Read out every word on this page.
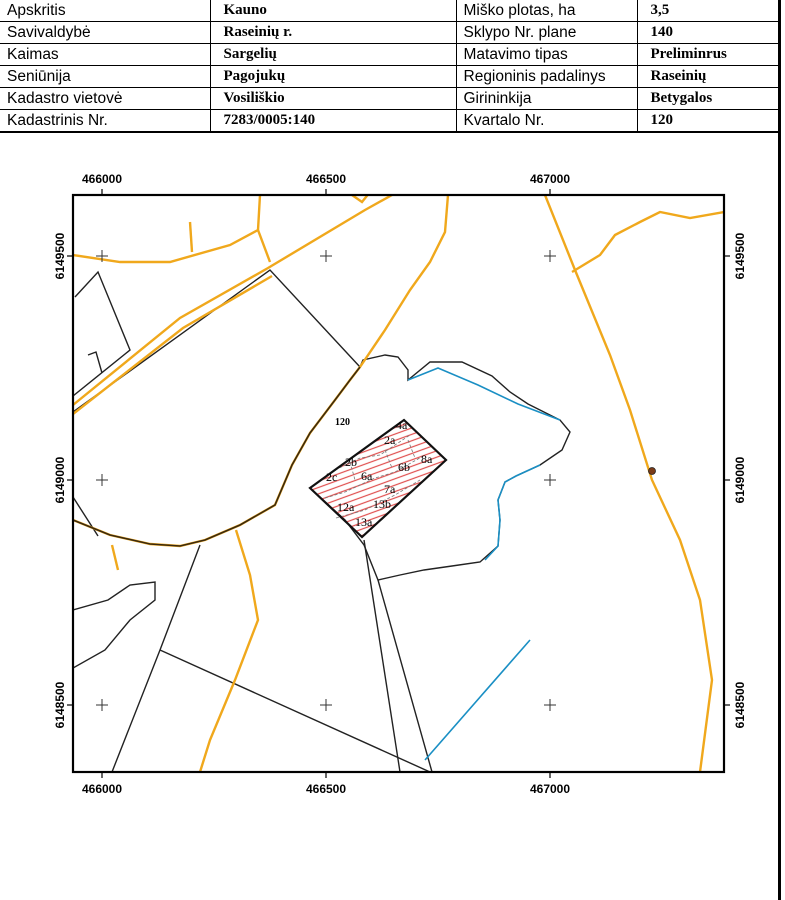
Apskritis	Kauno	Miško plotas, ha	3,5
Savivaldybė	Raseinių r.	Sklypo Nr. plane	140
Kaimas	Sargelių	Matavimo tipas	Preliminrus
Seniūnija	Pagojukų	Regioninis padalinys	Raseinių
Kadastro vietovė	Vosiliškio	Girininkija	Betygalos
Kadastrinis Nr.	7283/0005:140	Kvartalo Nr.	120
4a
2a
8a
2b	6b
6a
2c
7a
12a 13b
13a
120
466000	466500	467000
466000	466500	467000
6149500
6149000
6148500
6149500
6149000
6148500
